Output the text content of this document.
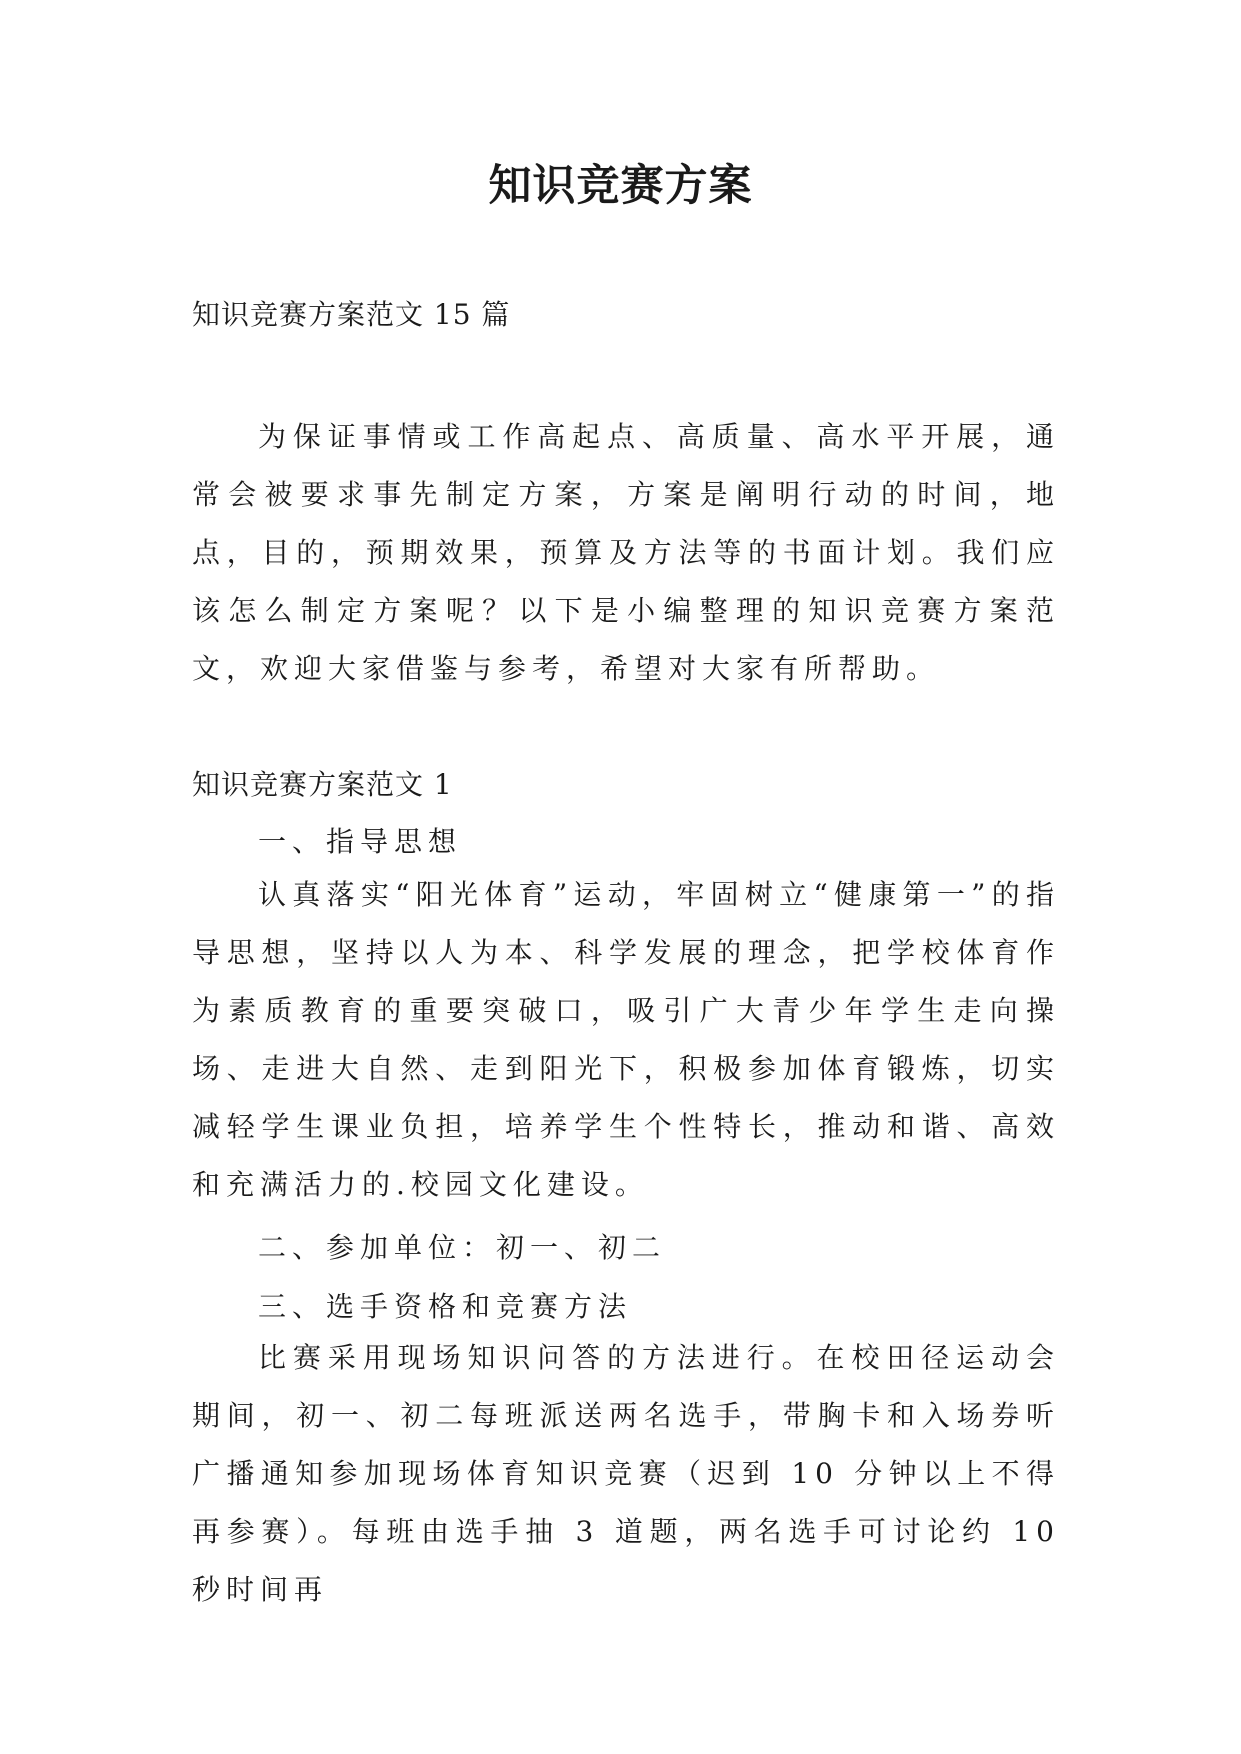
知识竞赛方案

知识竞赛方案范文 15 篇

为保证事情或工作高起点、高质量、高水平开展，通常会被要求事先制定方案，方案是阐明行动的时间，地点，目的，预期效果，预算及方法等的书面计划。我们应该怎么制定方案呢？以下是小编整理的知识竞赛方案范文，欢迎大家借鉴与参考，希望对大家有所帮助。

知识竞赛方案范文 1

一、指导思想

认真落实“阳光体育”运动，牢固树立“健康第一”的指导思想，坚持以人为本、科学发展的理念，把学校体育作为素质教育的重要突破口，吸引广大青少年学生走向操场、走进大自然、走到阳光下，积极参加体育锻炼，切实减轻学生课业负担，培养学生个性特长，推动和谐、高效和充满活力的.校园文化建设。

二、参加单位：初一、初二

三、选手资格和竞赛方法

比赛采用现场知识问答的方法进行。在校田径运动会期间，初一、初二每班派送两名选手，带胸卡和入场券听广播通知参加现场体育知识竞赛（迟到 10 分钟以上不得再参赛）。每班由选手抽 3 道题，两名选手可讨论约 10 秒时间再
